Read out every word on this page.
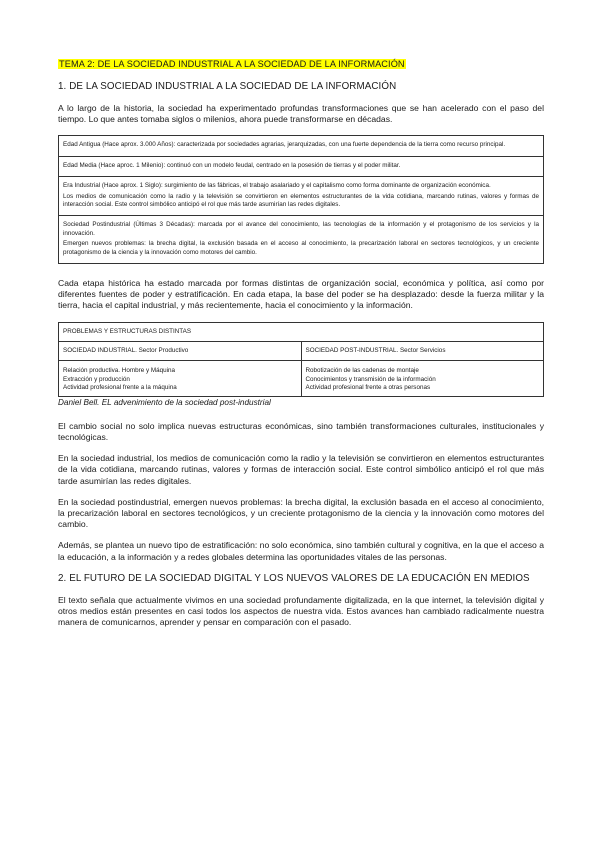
TEMA 2: DE LA SOCIEDAD INDUSTRIAL A LA SOCIEDAD DE LA INFORMACIÓN
1. DE LA SOCIEDAD INDUSTRIAL A LA SOCIEDAD DE LA INFORMACIÓN

A lo largo de la historia, la sociedad ha experimentado profundas transformaciones que se han acelerado con el paso del tiempo. Lo que antes tomaba siglos o milenios, ahora puede transformarse en décadas.

Edad Antigua (Hace aprox. 3.000 Años): caracterizada por sociedades agrarias, jerarquizadas, con una fuerte dependencia de la tierra como recurso principal.

Edad Media (Hace aproc. 1 Milenio): continuó con un modelo feudal, centrado en la posesión de tierras y el poder militar.

Era Industrial (Hace aprox. 1 Siglo): surgimiento de las fábricas, el trabajo asalariado y el capitalismo como forma dominante de organización económica.

Los medios de comunicación como la radio y la televisión se convirtieron en elementos estructurantes de la vida cotidiana, marcando rutinas, valores y formas de interacción social. Este control simbólico anticipó el rol que más tarde asumirían las redes digitales.

Sociedad Postindustrial (Últimas 3 Décadas): marcada por el avance del conocimiento, las tecnologías de la información y el protagonismo de los servicios y la innovación.

Emergen nuevos problemas: la brecha digital, la exclusión basada en el acceso al conocimiento, la precarización laboral en sectores tecnológicos, y un creciente protagonismo de la ciencia y la innovación como motores del cambio.

Cada etapa histórica ha estado marcada por formas distintas de organización social, económica y política, así como por diferentes fuentes de poder y estratificación. En cada etapa, la base del poder se ha desplazado: desde la fuerza militar y la tierra, hacia el capital industrial, y más recientemente, hacia el conocimiento y la información.

PROBLEMAS Y ESTRUCTURAS DISTINTAS
SOCIEDAD INDUSTRIAL. Sector Productivo
Relación productiva. Hombre y Máquina
Extracción y producción
Actividad profesional frente a la máquina
SOCIEDAD POST-INDUSTRIAL. Sector Servicios
Robotización de las cadenas de montaje
Conocimientos y transmisión de la información
Actividad profesional frente a otras personas
Daniel Bell. EL advenimiento de la sociedad post-industrial

El cambio social no solo implica nuevas estructuras económicas, sino también transformaciones culturales, institucionales y tecnológicas.

En la sociedad industrial, los medios de comunicación como la radio y la televisión se convirtieron en elementos estructurantes de la vida cotidiana, marcando rutinas, valores y formas de interacción social. Este control simbólico anticipó el rol que más tarde asumirían las redes digitales.

En la sociedad postindustrial, emergen nuevos problemas: la brecha digital, la exclusión basada en el acceso al conocimiento, la precarización laboral en sectores tecnológicos, y un creciente protagonismo de la ciencia y la innovación como motores del cambio.

Además, se plantea un nuevo tipo de estratificación: no solo económica, sino también cultural y cognitiva, en la que el acceso a la educación, a la información y a redes globales determina las oportunidades vitales de las personas.

2. EL FUTURO DE LA SOCIEDAD DIGITAL Y LOS NUEVOS VALORES DE LA EDUCACIÓN EN MEDIOS

El texto señala que actualmente vivimos en una sociedad profundamente digitalizada, en la que internet, la televisión digital y otros medios están presentes en casi todos los aspectos de nuestra vida. Estos avances han cambiado radicalmente nuestra manera de comunicarnos, aprender y pensar en comparación con el pasado.
